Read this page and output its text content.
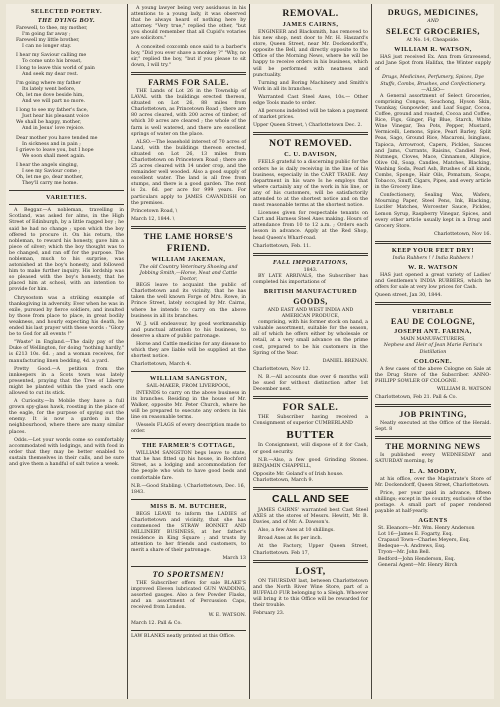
SELECTED POETRY.
THE DYING BOY.
Farewell, to thee, my mother,
I'm going far away ;
Farewell my little brother,
I can no longer stay.
I hear my Saviour calling me
To come unto his breast,
I long to leave this world of pain
And seek my dear rest.
I'm going where my father
Its lately went before,
Oh, let me dove beside him,
And we will part no more.
I long to see my father's face,
Just hear his pleasant voice
We shall be happy, mother,
And in Jesus' love rejoice.
Dear mother you have tended me
In sickness and in pain ;
I grieve to leave you, but I hope
We soon shall meet again.
I hear the angels singing,
I see my Saviour come ;
Oh, let me go, dear mother,
They'll carry me home.
VARIETIES.

A Beggar.—A nobleman, travelling in Scotland, was asked for alms, in the High Street of Edinburgh, by a little ragged boy ; he said he had no change ; upon which the boy offered to procure it. On his return, the nobleman, to reward his honesty, gave him a piece of silver; which the boy thought was to be changed, and ran off for the purpose. The nobleman, much to his surprise, was astonished at the boy's honesty, and followed him to make further inquiry. His lordship was so pleased with the boy's honesty, that he placed him at school, with an intention to provide for him.

Chrysostom was a striking example of thanksgiving in adversity. Ever when he was in exile, pursued by fierce soldiers, and insulted by those from place to place, in great bodily weakness, and hourly expecting his death, he ended his last prayer with these words : "Glory be to God for all events !"

"Waste" in England.—The daily pay of the Duke of Wellington, for doing "nothing hardly," is £213 10s. 6d. ; and a woman receives, for manufacturing linen bedding, 4d. a yard.

Pretty Good.—A petition from the innkeepers in a Scots town was lately presented, praying that the Tree of Liberty might be planted within the yard each one allowed to cut its stick.

A Curiosity.—In Mobile they have a full grown spy-glass hawk, roosting in the place of the eagle, for the purpose of spying out the enemy. It is now a garden in the neighbourhood, where there are many similar places.

Odds.—Let your words come so comfortably accommodated with lodgings, and with food in order that they may be better enabled to sustain themselves in their calls, and be sure and give them a handful of salt twice a week.

A young lawyer being very assiduous in his attentions to a young lady, it was observed that he always heard of nothing here by attorney. "Very true," replied the other, "but you should remember that all Cupid's votaries are solicitors."

A conceited coxcomb once said to a barber's boy, "Did you ever shave a monkey ?" "Why, no sir," replied the boy, "but if you please to sit down, I will try."

FARMS FOR SALE.

THE Lands of Lot 26 in the Township of LAVAL with the buildings erected thereon, situated on Lot 26, 88 miles from Charlottetown, as Princetown Road ; there are 80 acres cleared, with 200 acres of timber, of which 30 acres are cleared ; the whole of the farm is well watered, and there are excellent springs of water on the place.

ALSO.—The leasehold interest of 70 acres of Land, with the buildings thereon erected, situated on Lot 26, 13 miles from Charlottetown on Princetown Road ; there are 25 acres cleared with 14 under crop, and the remainder well wooded. Also a good supply of excellent water. The land is all free from stumps, and there is a good garden. The rent is 2s. 6d. per acre for 999 years. For particulars apply to JAMES CAVANDISH on the premises.

Princetown Road, \
March 12, 1844. \
THE LAME HORSE'S
FRIEND.
WILLIAM JAKEMAN,
The old Country Veterinary Shoeing and Jobbing Smith,—Horse, Neat and Cattle Doctor,

BEGS leave to acquaint the public of Charlottetown and its vicinity, that he has taken the well known Forge of Mrs. Rowe, in Prince Street, lately occupied by Mr. Cairns, where he intends to carry on the above business in all its branches.

W. J. will endeavour, by good workmanship and punctual attention to his business, to deserve a share of public patronage.

Horse and Cattle medicine for any disease to which they are liable will be supplied at the shortest notice.

Charlottetown, March 4.
WILLIAM SANGSTON,
SAIL-MAKER, FROM LIVERPOOL,

INTENDS to carry on the above business in its branches. Residing in the house of Mr. Walker, opposite Mr. Peter Church, where he will be prepared to execute any orders in his line on reasonable terms.

\Vessels FLAGS of every description made to order.

THE FARMER'S COTTAGE,

WILLIAM SANGSTON begs leave to state, that he has fitted up his house, in Rochford Street, as a lodging and accommodation for the people who wish to have good beds and comfortable fare.

N.B.—Good Stabling. \ Charlottetown, Dec. 16, 1843.
MISS B. M. BUTCHER,

BEGS LEAVE to inform the LADIES of Charlottetown and vicinity, that she has commenced the STRAW BONNET AND MILLINERY BUSINESS, at her father's residence in King Square ; and trusts by attention to her friends and customers, to merit a share of their patronage.

March 13
TO SPORTSMEN!

THE Subscriber offers for sale BLAKE'S improved Eleven lubricated GUN WADDING, assorted gauges. Also a few Powder Flasks, and an assortment of Percussion Caps, received from London.

W. E. WATSON.
March 12. Pall & Co.

LAW BLANKS neatly printed at this Office.

REMOVAL.
JAMES CAIRNS,

ENGINEER and Blacksmith, has removed to his new shop, next door to Mr. H. Haszard's store, Queen Street, near Mr. Dockendorff's, opposite the Bell, and directly opposite to the Office of the Morning News, where he will be happy to receive orders in his business, which will be performed with neatness and punctuality.

Turning and Boring Machinery and Smith's Work in all its branches.

Warranted Cast Steel Axes, 10s.— Other edge Tools made to order.

All persons indebted will be taken a payment of market prices.

Upper Queen Street, \ Charlottetown Dec. 2.
NOT REMOVED.
C. U. DAVISON,

FEELS grateful to a discerning public for the orders he is daily receiving in the line of his business, especially in the CART TRADE. Any department in his ware Is he employs that where cartainly any of the work in his line, or any of his customers, will be satisfactorily attended to at the shortest notice and on the most reasonable terms at the shortest notice.

Licenses given for respectable tenants on Cart and Harness Steel Axes making. Hours of attendance from 10 to 12 a.m. ; Orders each lesson in advance. Apply at the Red Shop, head Queen's Wharf-road.

Charlottetown, Feb. 11.
FALL IMPORTATIONS,
1843.

BY LATE ARRIVALS, the Subscriber has completed his importations of

BRITISH MANUFACTURED
GOODS,
AND EAST AND WEST INDIA AND AMERICAN PRODUCE,

comprising, with his former stock on hand, a valuable assortment, suitable for the season, all of which he offers either by wholesale or retail, at a very small advance on the prime cost, prepared to be his customers in the Spring of the Year.

DANIEL BRENAN.
Charlottetown, Nov 12.

N. B.—All accounts due over 6 months will be sued for without distinction after 1st December next.

FOR SALE.

THE Subscriber having received a Consignment of superior CUMBERLAND

BUTTER

In Consignment, will dispose of it for Cash, or good security.

N.B.—Also, a few good Grinding Stones. BENJAMIN CHAPPELL,

Opposite Mr. Goland's of Irish house. Charlottetown, March 9.
CALL AND SEE

JAMES CAIRNS' warranted best Cast Steel AXES at the stores of Messrs. Hewitt, Mr. B. Davies, and of Mr. A. Dawson's.

Also, a few Axes at 10 shillings.

Broad Axes at 8s per inch.

At the Factory, Upper Queen Street, Charlottetown. Feb 17,

LOST,

ON THURSDAY last, between Charlottetown and the North River Wine Store, part of a BUFFALO FUR belonging to a Sleigh. Whoever will bring it to this Office will be rewarded for their trouble.

February 23.
DRUGS, MEDICINES,
AND
SELECT GROCERIES,
At No. 14, Cheapside.
WILLIAM R. WATSON,

HAS just received Ex. Ann from Gravesend, and Jane Spot from Halifax, the Winter supply of

Drugs, Medicines, Perfumery, Spices, Dye Stuffs, Combs, Brushes, and Confectionery.
—ALSO—

A General assortment of Select Groceries, comprising Congou, Souchong, Hyson Skin, Twankay, Gunpowder, and Loaf Sugar, Cocoa, Coffee, ground and roasted, Cocoa and Coffee, Rice, Figs, Ginger, Fig Blue, Starch, White Wine Vinegar, Tea Pots, Pepper, Mustard, Vermicelli, Lemons, Spice, Pearl Barley, Split Peas, Sago, Ground Rice, Macaroni, Isinglass, Tapioca, Arrowroot, Capers, Pickles, Sauces and Jams, Currants, Raisins, Candied Peel, Nutmegs, Cloves, Mace, Cinnamon, Allspice, Olive Oil, Soap, Candles, Matches, Blacking, Washing Soda, Pearl Ash, Brushes of all kinds, Combs, Sponge, Hair Oils, Pomatum, Soaps, Tobacco, Snuff, Cigars, Pipes, and every article in the Grocery line.

Confectionery, Sealing Wax, Wafers, Mourning Paper, Steel Pens, Ink, Blacking, Lucifer Matches, Worcester Sauce, Pickles, Lemon Syrup, Raspberry Vinegar, Spices, and every other article usually kept in a Drug and Grocery Store.

Charlottetown, Nov 16.
KEEP YOUR FEET DRY!
India Rubbers ! ! India Rubbers !
W. R. WATSON

HAS just opened a great variety of Ladies' and Gentlemen's INDIA RUBBERS, which he offers for sale at very low prices for Cash.

Queen street, Jan 30, 1844.
VERITABLE
EAU DE COLOGNE,
JOSEPH ANT. FARINA,
MAIN MANUFACTURERS,
Nephew and Heir of Jean Marie Farina's Distillation
COLOGNE.

A few cases of the above Cologne on Sale at the Drug Store of the Subscriber. ANNO-PHILIPP SOWLER OF COLOGNE.

WILLIAM R. WATSON
Charlottetown, Feb 21. Pall & Co.
JOB PRINTING,

Neatly executed at the Office of the Herald. Sept. 8

THE MORNING NEWS

Is published every WEDNESDAY and SATURDAY morning, by

E. A. MOODY,

at his office, over the Magistrate's Store of Mr. Dockendorff, Queen Street, Charlottetown.

Price, per year paid in advance, fifteen shillings; except in the country, exclusive of the postage. A small part of paper rendered payable at half-yearly.

AGENTS
St. Eleanors—Mr. Wm. Henry Anderson
Lot 16—James E. Fogarty, Esq.
Crapaud Town—Charles Meyers, Esq.
Bedeque—A. Andrews, Esq.
Tryon—Mr. John Bell.
Bedford—John Henderson, Esq.
General Agent—Mr. Henry Birch
